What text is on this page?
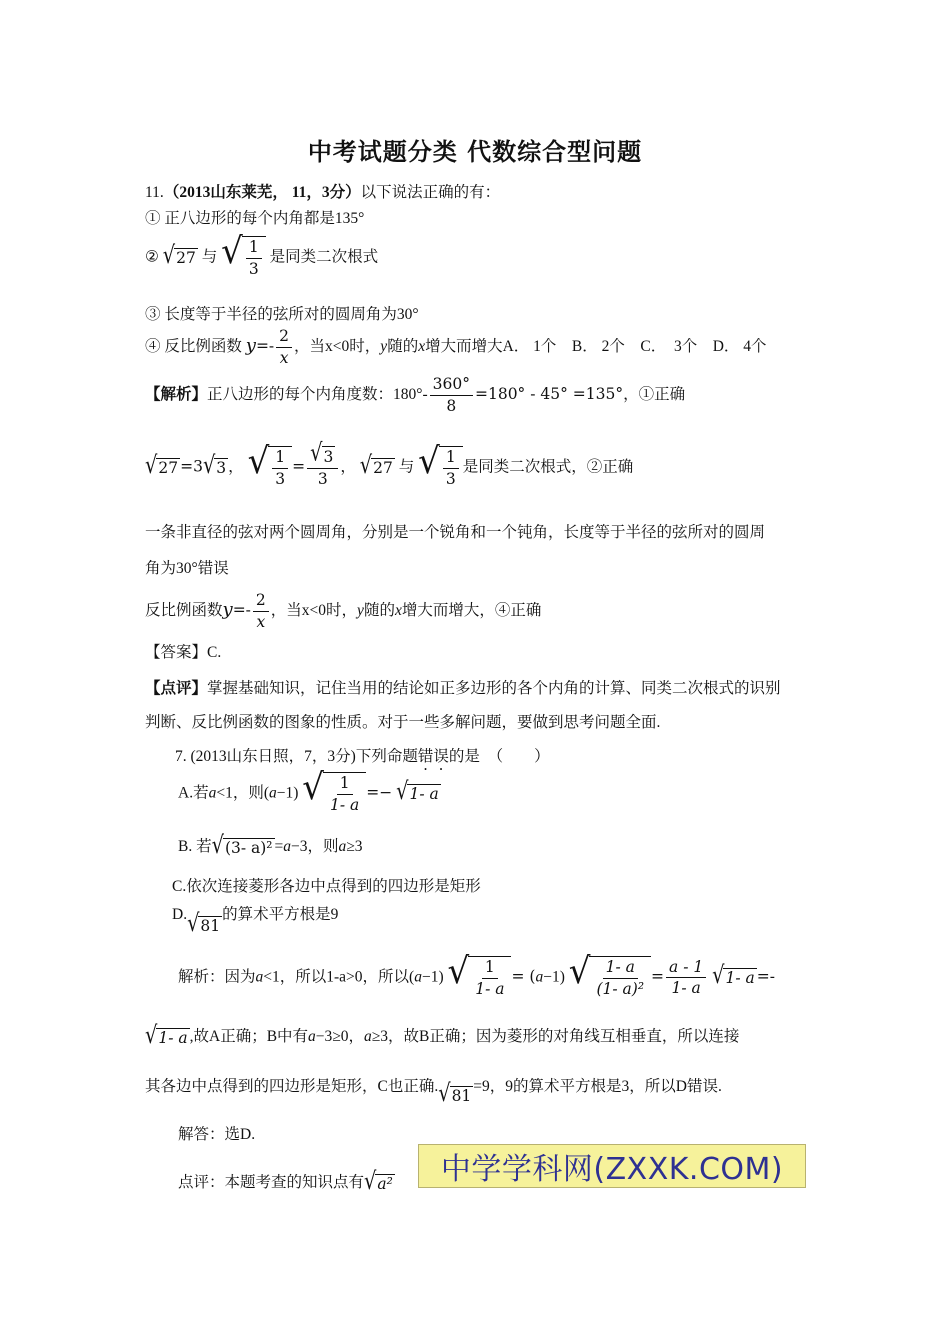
中考试题分类 代数综合型问题
11.（2013山东莱芜， 11，3分）以下说法正确的有：
① 正八边形的每个内角都是135°
② √ 27 与 √ $\frac{1}{3}$ 是同类二次根式
③ 长度等于半径的弦所对的圆周角为30°
④ 反比例函数 $y=- \frac{2}{x}$ ，当x<0时，y随的x增大而增大A． 1个　B． 2个　C．　3个　D． 4个
【解析】正八边形的每个内角度数：$180^\circ- \frac{360^\circ}{8} =180^\circ - 45^\circ =135^\circ$，①正确
√ 27 =3 √ 3 ， √ $\frac{1}{3} = \frac{√ 3}{3}$ ， √ 27 与 √ $\frac{1}{3}$ 是同类二次根式，②正确
一条非直径的弦对两个圆周角，分别是一个锐角和一个钝角，长度等于半径的弦所对的圆周
角为30°错误
反比例函数$y=- \frac{2}{x}$ ，当x<0时，y随的x增大而增大，④正确
【答案】C.
【点评】掌握基础知识，记住当用的结论如正多边形的各个内角的计算、同类二次根式的识别
判断、反比例函数的图象的性质。对于一些多解问题，要做到思考问题全面.
7. (2013山东日照，7，3分)下列命题错误的是　（　　）
A.若a<1，则(a−1) √ $\frac{1}{1- a}$ =− √ 1- a
B. 若 √ (3- a)² =a−3，则a≥3
C.依次连接菱形各边中点得到的四边形是矩形
D. √ 81
的算术平方根是9
解析：因为a<1，所以1-a>0，所以(a−1) √ $\frac{1}{1- a} = (a-1)$ √ $\frac{1- a}{\text{(1- a)²}} = \frac{a - 1}{1- a}$
√ 1- a =-
√ 1- a ,故A正确；B中有a−3≥0，a≥3，故B正确；因为菱形的对角线互相垂直，所以连接
其各边中点得到的四边形是矩形，C也正确. √ 81
=9，9的算术平方根是3，所以D错误.
解答：选D.
点评：本题考查的知识点有 √ a²	中学学科网(ZXXK.COM)
